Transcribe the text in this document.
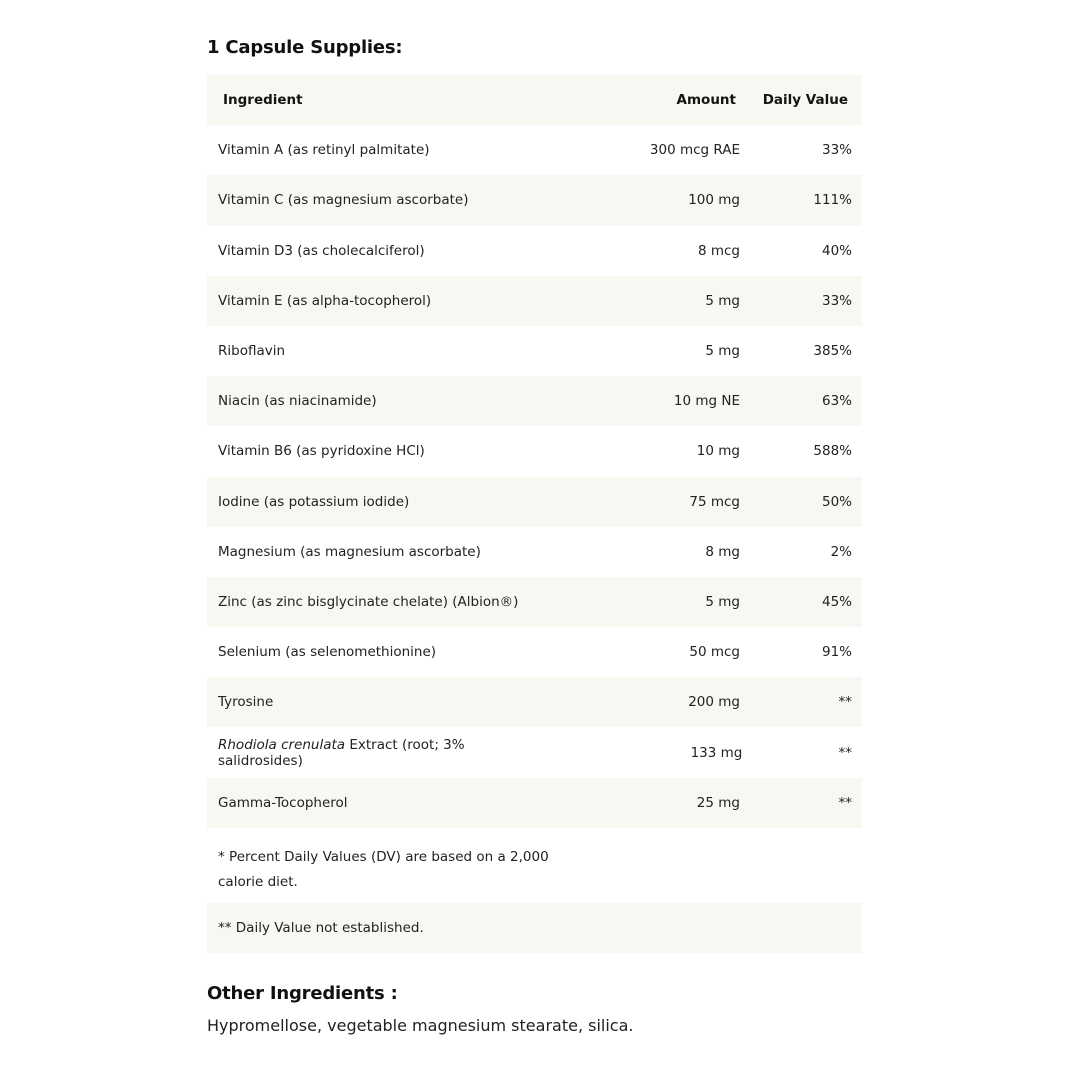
1 Capsule Supplies:
Ingredient	Amount	Daily Value
Vitamin A (as retinyl palmitate)	300 mcg RAE	33%
Vitamin C (as magnesium ascorbate)	100 mg	111%
Vitamin D3 (as cholecalciferol)	8 mcg	40%
Vitamin E (as alpha-tocopherol)	5 mg	33%
Riboflavin	5 mg	385%
Niacin (as niacinamide)	10 mg NE	63%
Vitamin B6 (as pyridoxine HCl)	10 mg	588%
Iodine (as potassium iodide)	75 mcg	50%
Magnesium (as magnesium ascorbate)	8 mg	2%
Zinc (as zinc bisglycinate chelate) (Albion®)	5 mg	45%
Selenium (as selenomethionine)	50 mcg	91%
Tyrosine	200 mg	**
Rhodiola crenulata Extract (root; 3% salidrosides)	133 mg	**
Gamma-Tocopherol	25 mg	**
* Percent Daily Values (DV) are based on a 2,000 calorie diet.
** Daily Value not established.
Other Ingredients :

Hypromellose, vegetable magnesium stearate, silica.
